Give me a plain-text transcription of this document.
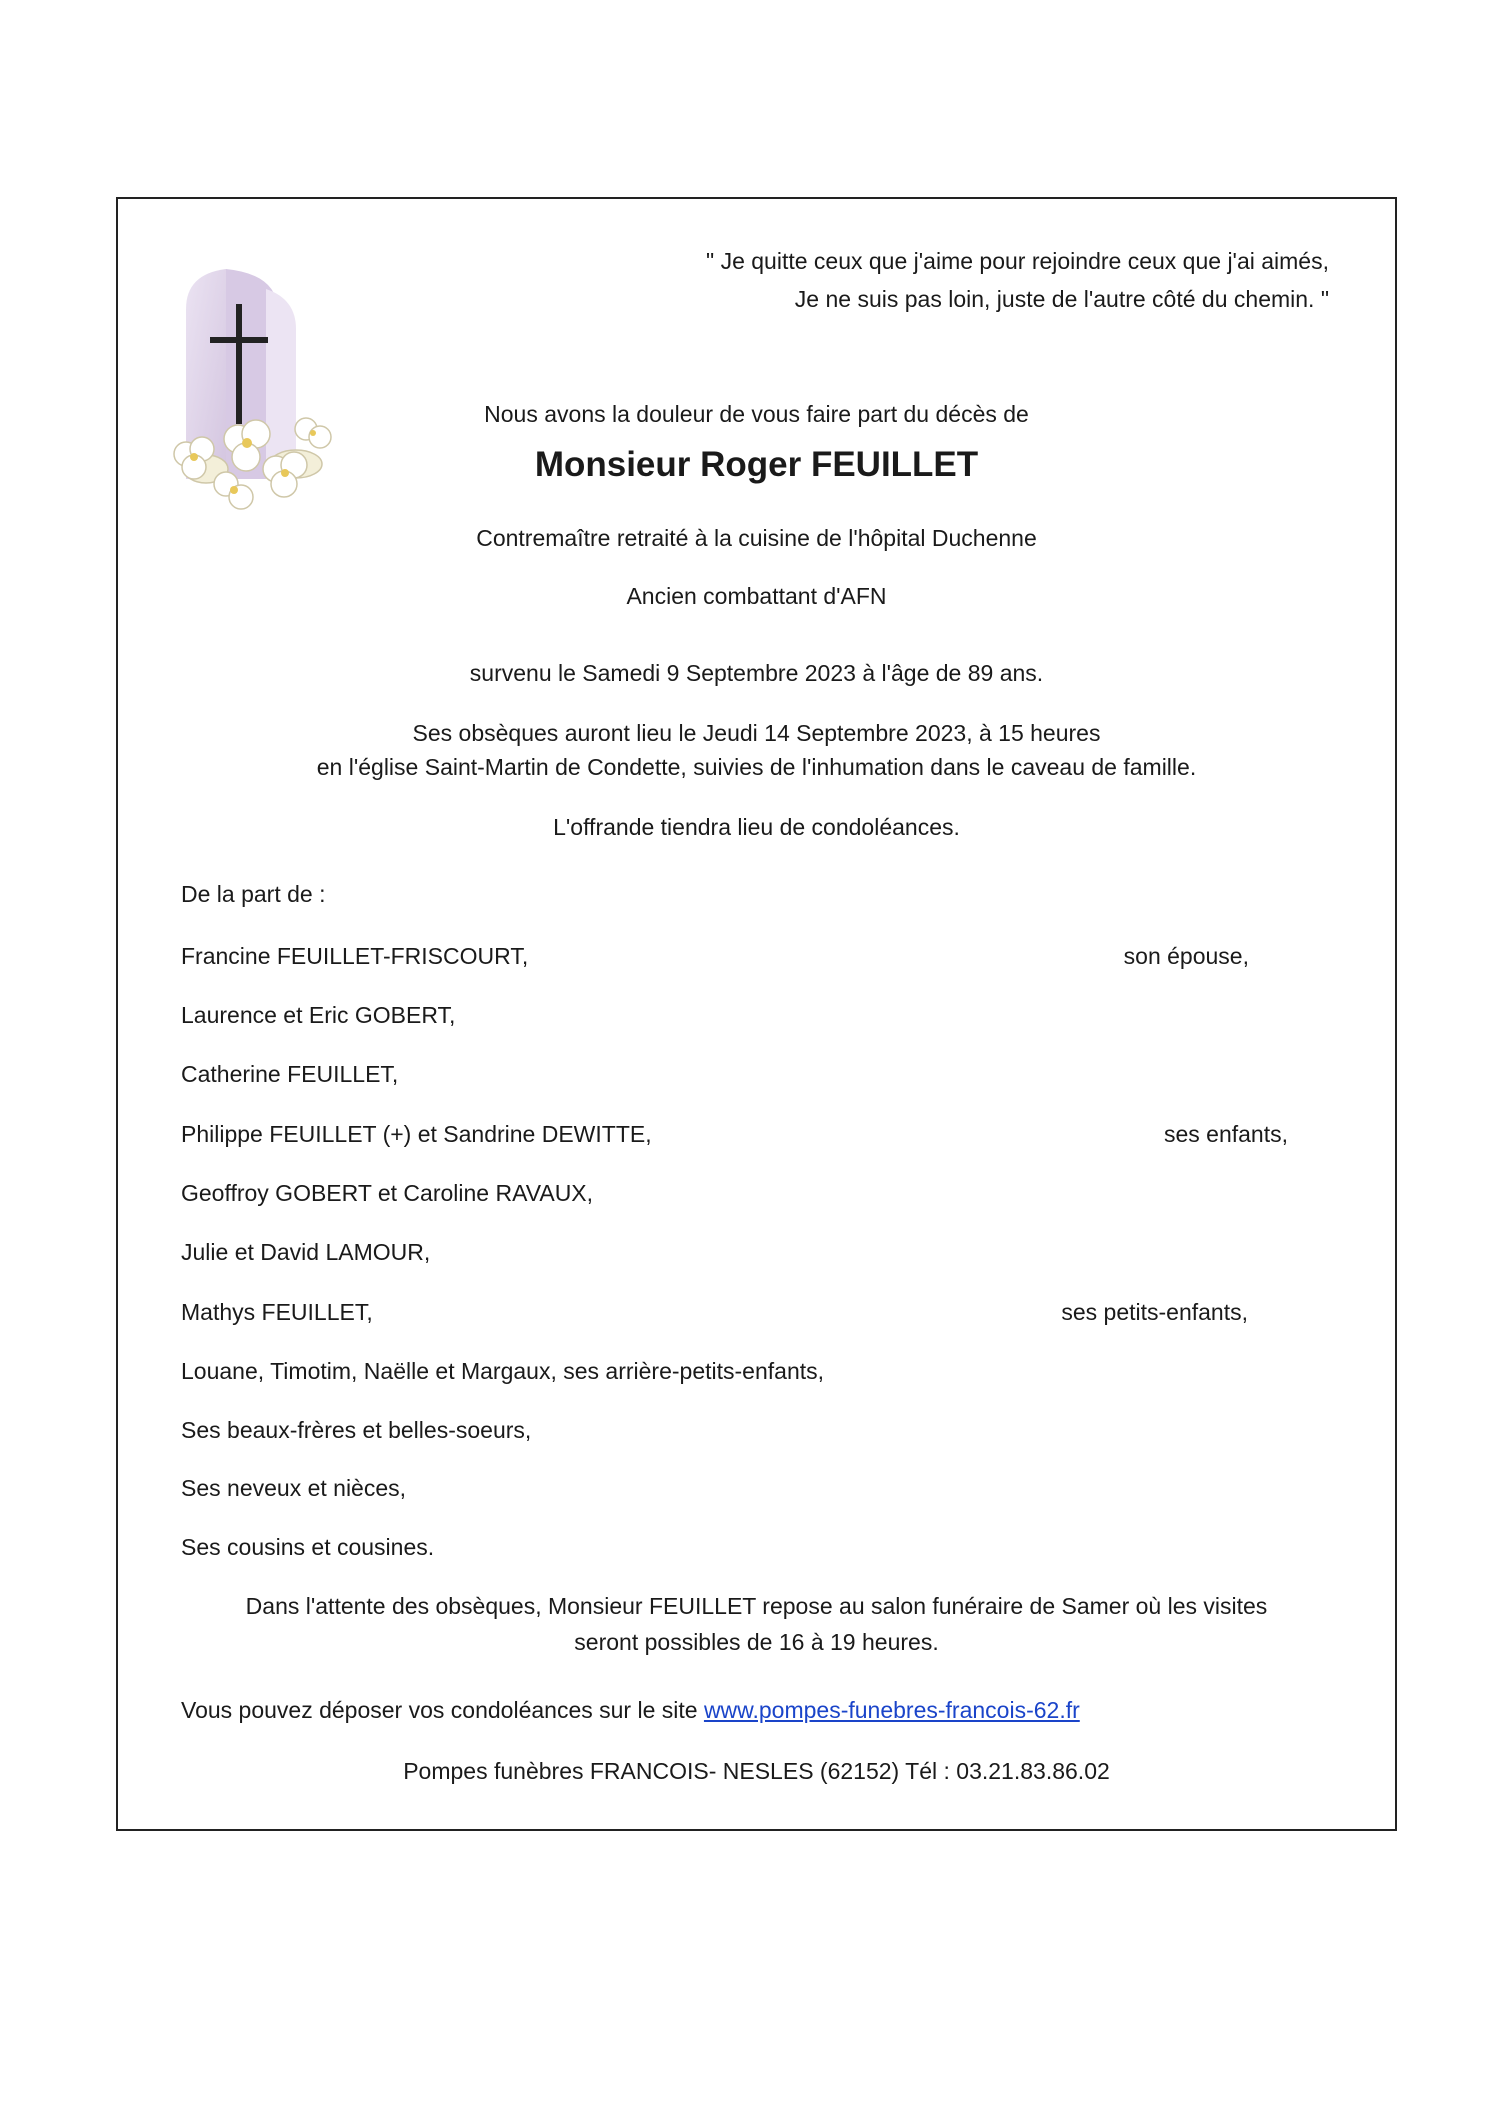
" Je quitte ceux que j'aime pour rejoindre ceux que j'ai aimés,
Je ne suis pas loin, juste de l'autre côté du chemin. "
Nous avons la douleur de vous faire part du décès de
Monsieur Roger FEUILLET
Contremaître retraité à la cuisine de l'hôpital Duchenne
Ancien combattant d'AFN
survenu le Samedi 9 Septembre 2023 à l'âge de 89 ans.
Ses obsèques auront lieu le Jeudi 14 Septembre 2023, à 15 heures
en l'église Saint-Martin de Condette, suivies de l'inhumation dans le caveau de famille.
L'offrande tiendra lieu de condoléances.
De la part de :
Francine FEUILLET-FRISCOURT,	son épouse,
Laurence et Eric GOBERT,
Catherine FEUILLET,
Philippe FEUILLET (+) et Sandrine DEWITTE,	ses enfants,
Geoffroy GOBERT et Caroline RAVAUX,
Julie et David LAMOUR,
Mathys FEUILLET,	ses petits-enfants,
Louane, Timotim, Naëlle et Margaux, ses arrière-petits-enfants,
Ses beaux-frères et belles-soeurs,
Ses neveux et nièces,
Ses cousins et cousines.
Dans l'attente des obsèques, Monsieur FEUILLET repose au salon funéraire de Samer où les visites
seront possibles de 16 à 19 heures.
Vous pouvez déposer vos condoléances sur le site www.pompes-funebres-francois-62.fr
Pompes funèbres FRANCOIS- NESLES (62152) Tél : 03.21.83.86.02
